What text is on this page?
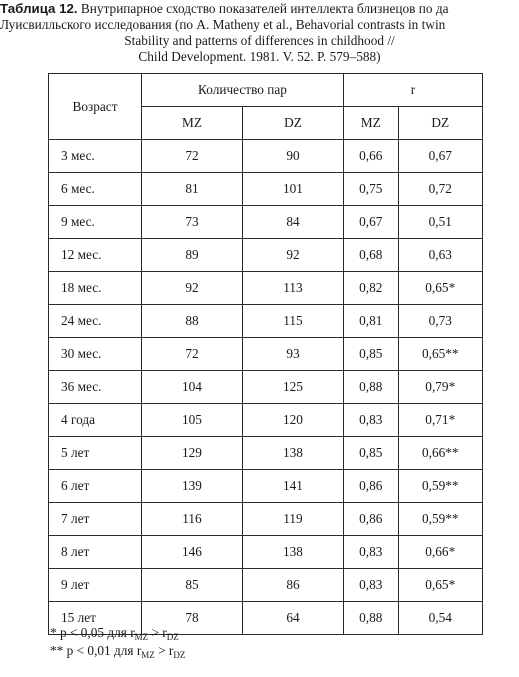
Таблица 12. Внутрипарное сходство показателей интеллекта близнецов по да
Луисвилльского исследования (по A. Matheny et al., Behavorial contrasts in twin
Stability and patterns of differences in childhood //
Child Development. 1981. V. 52. P. 579–588)
Возраст	Количество пар		r	
	MZ	DZ	MZ	DZ
3 мес.	72	90	0,66	0,67
6 мес.	81	101	0,75	0,72
9 мес.	73	84	0,67	0,51
12 мес.	89	92	0,68	0,63
18 мес.	92	113	0,82	0,65*
24 мес.	88	115	0,81	0,73
30 мес.	72	93	0,85	0,65**
36 мес.	104	125	0,88	0,79*
4 года	105	120	0,83	0,71*
5 лет	129	138	0,85	0,66**
6 лет	139	141	0,86	0,59**
7 лет	116	119	0,86	0,59**
8 лет	146	138	0,83	0,66*
9 лет	85	86	0,83	0,65*
15 лет	78	64	0,88	0,54
* p < 0,05 для $r_{MZ} > r_{DZ}$
** p < 0,01 для $r_{MZ} > r_{DZ}$
